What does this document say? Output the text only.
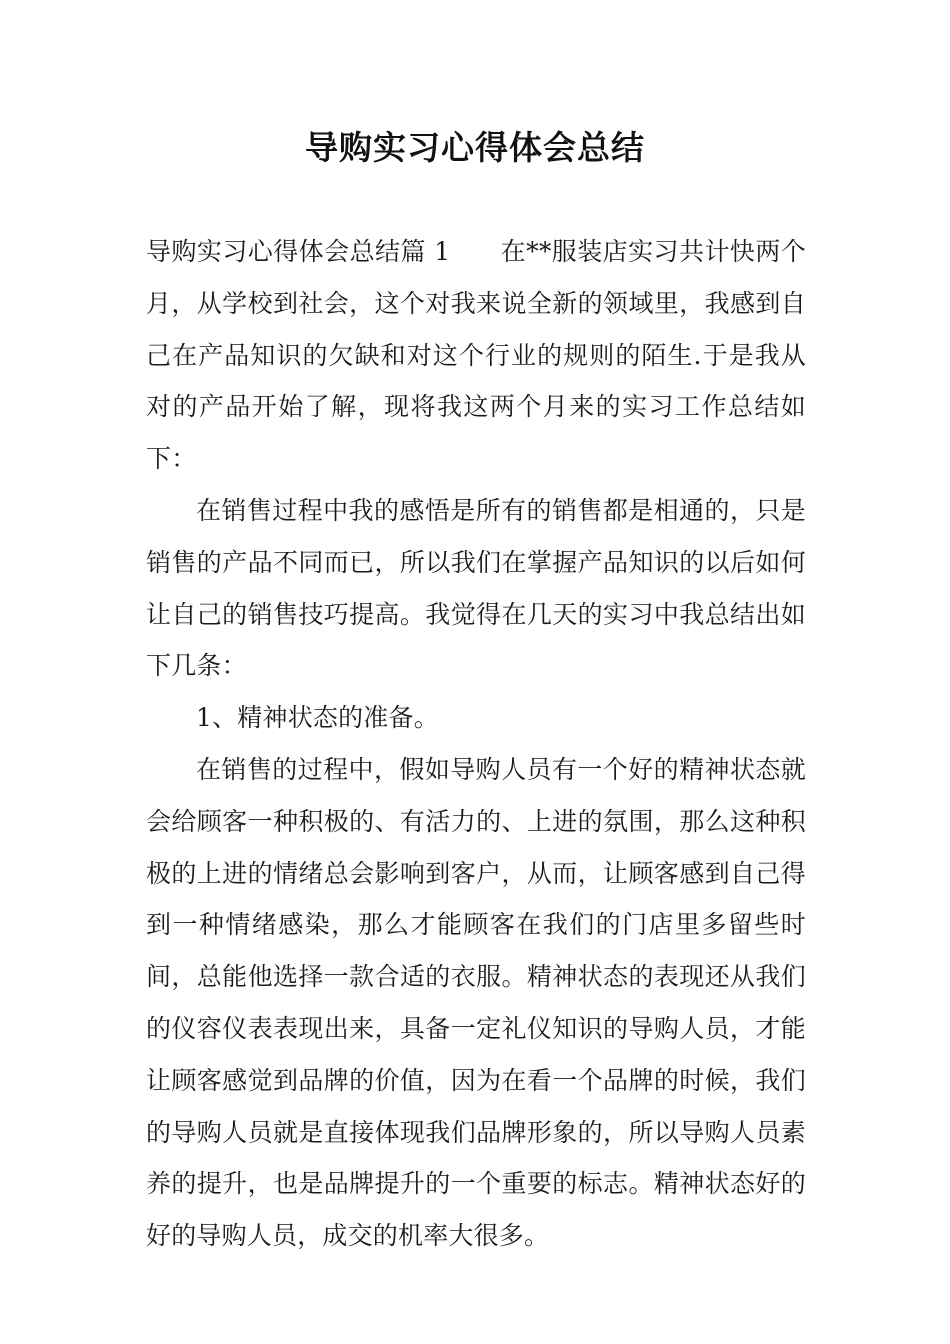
导购实习心得体会总结

导购实习心得体会总结篇 1 在**服装店实习共计快两个月，从学校到社会，这个对我来说全新的领域里，我感到自己在产品知识的欠缺和对这个行业的规则的陌生.于是我从对的产品开始了解，现将我这两个月来的实习工作总结如下：

在销售过程中我的感悟是所有的销售都是相通的，只是销售的产品不同而已，所以我们在掌握产品知识的以后如何让自己的销售技巧提高。我觉得在几天的实习中我总结出如下几条：

1、精神状态的准备。

在销售的过程中，假如导购人员有一个好的精神状态就会给顾客一种积极的、有活力的、上进的氛围，那么这种积极的上进的情绪总会影响到客户，从而，让顾客感到自己得到一种情绪感染，那么才能顾客在我们的门店里多留些时间，总能他选择一款合适的衣服。精神状态的表现还从我们的仪容仪表表现出来，具备一定礼仪知识的导购人员，才能让顾客感觉到品牌的价值，因为在看一个品牌的时候，我们的导购人员就是直接体现我们品牌形象的，所以导购人员素养的提升，也是品牌提升的一个重要的标志。精神状态好的好的导购人员，成交的机率大很多。
